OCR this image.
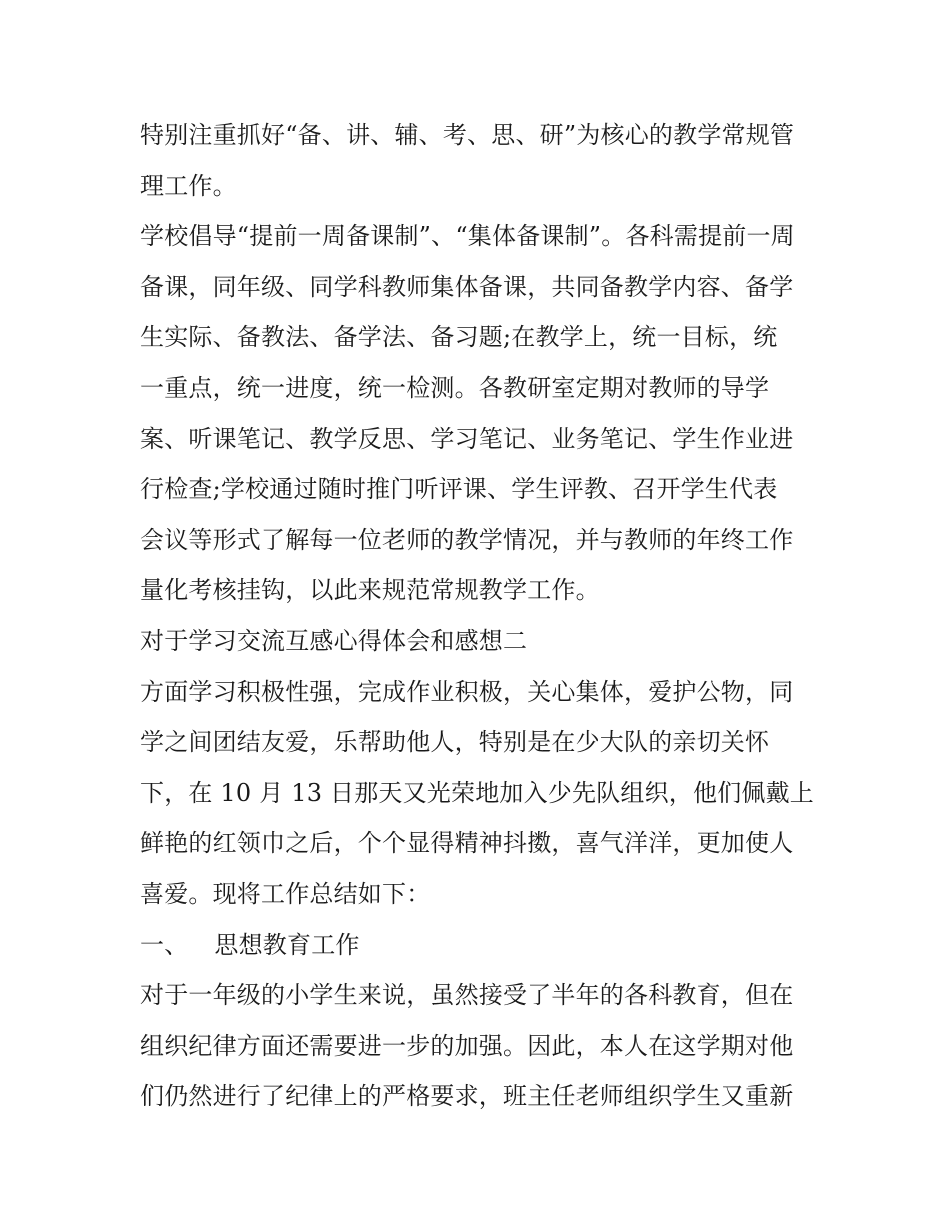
特别注重抓好“备、讲、辅、考、思、研”为核心的教学常规管
理工作。
学校倡导“提前一周备课制”、“集体备课制”。各科需提前一周
备课，同年级、同学科教师集体备课，共同备教学内容、备学
生实际、备教法、备学法、备习题;在教学上，统一目标，统
一重点，统一进度，统一检测。各教研室定期对教师的导学
案、听课笔记、教学反思、学习笔记、业务笔记、学生作业进
行检查;学校通过随时推门听评课、学生评教、召开学生代表
会议等形式了解每一位老师的教学情况，并与教师的年终工作
量化考核挂钩，以此来规范常规教学工作。
对于学习交流互感心得体会和感想二
方面学习积极性强，完成作业积极，关心集体，爱护公物，同
学之间团结友爱，乐帮助他人，特别是在少大队的亲切关怀
下，在 10 月 13 日那天又光荣地加入少先队组织，他们佩戴上
鲜艳的红领巾之后，个个显得精神抖擞，喜气洋洋，更加使人
喜爱。现将工作总结如下：
一、 思想教育工作
对于一年级的小学生来说，虽然接受了半年的各科教育，但在
组织纪律方面还需要进一步的加强。因此，本人在这学期对他
们仍然进行了纪律上的严格要求，班主任老师组织学生又重新
